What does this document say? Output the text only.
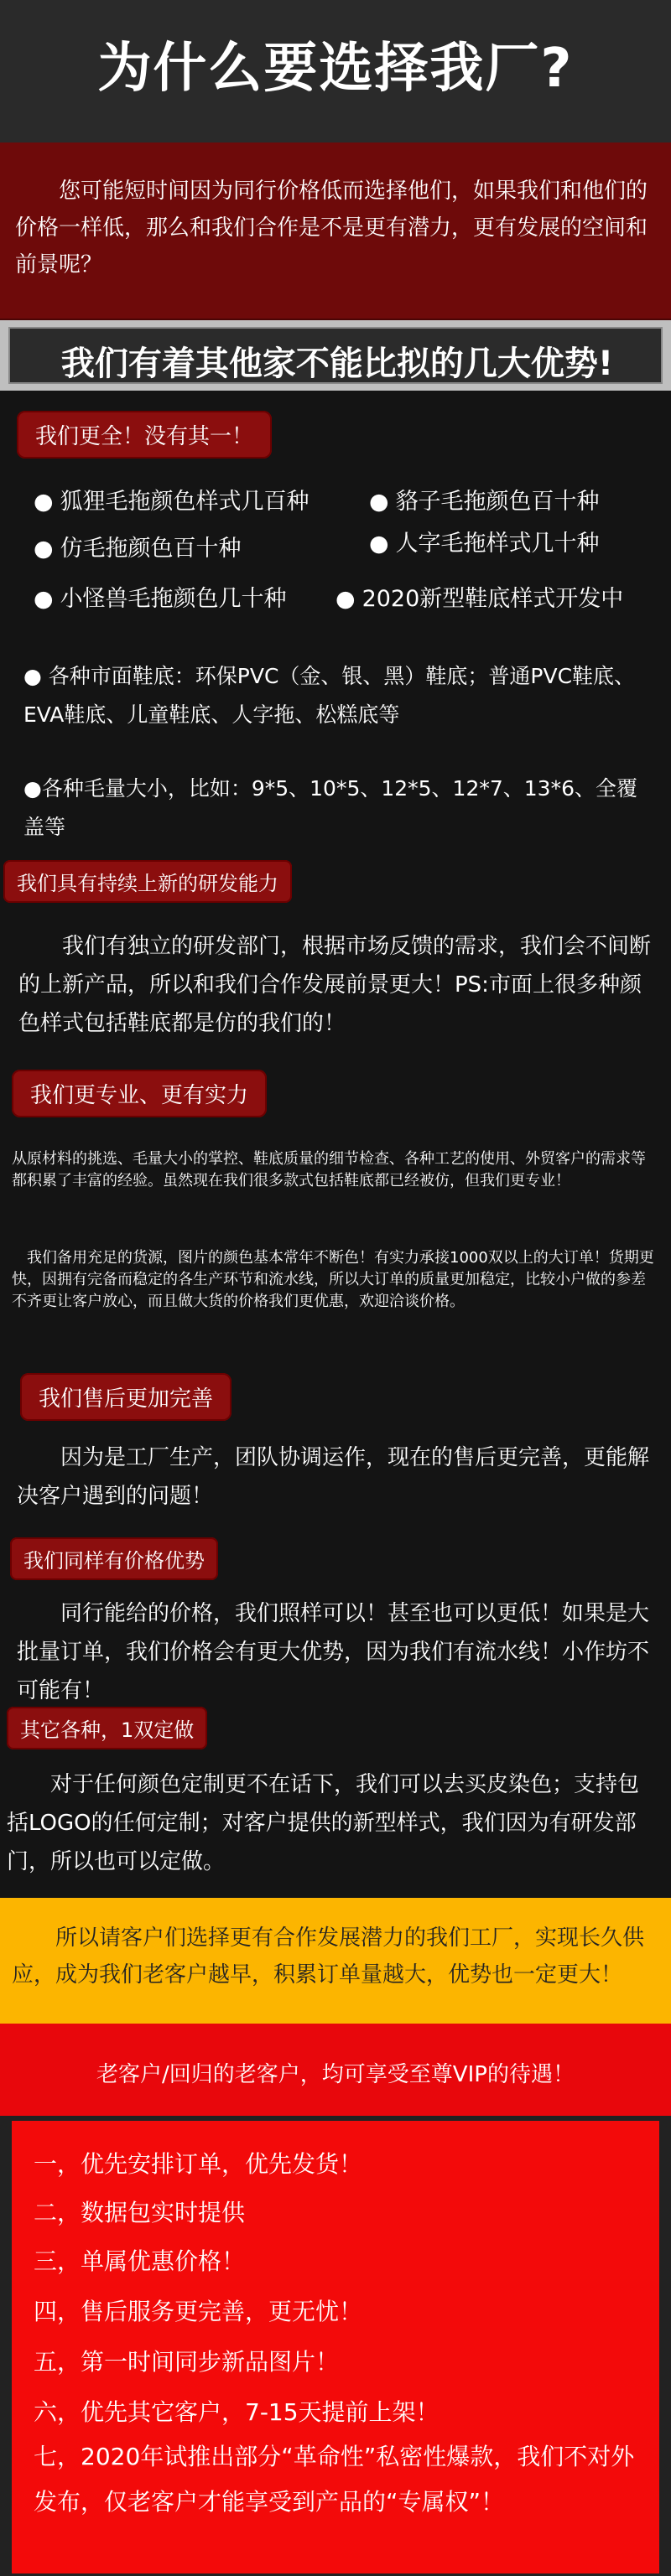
为什么要选择我厂?

　　您可能短时间因为同行价格低而选择他们，如果我们和他们的价格一样低，那么和我们合作是不是更有潜力，更有发展的空间和前景呢？

我们有着其他家不能比拟的几大优势!
我们更全！没有其一！
● 狐狸毛拖颜色样式几百种	● 貉子毛拖颜色百十种
● 仿毛拖颜色百十种	● 人字毛拖样式几十种
● 小怪兽毛拖颜色几十种	● 2020新型鞋底样式开发中
● 各种市面鞋底：环保PVC（金、银、黑）鞋底；普通PVC鞋底、EVA鞋底、儿童鞋底、人字拖、松糕底等
●各种毛量大小，比如：9*5、10*5、12*5、12*7、13*6、全覆盖等
我们具有持续上新的研发能力
　　我们有独立的研发部门，根据市场反馈的需求，我们会不间断的上新产品，所以和我们合作发展前景更大！PS:市面上很多种颜色样式包括鞋底都是仿的我们的！
我们更专业、更有实力
从原材料的挑选、毛量大小的掌控、鞋底质量的细节检查、各种工艺的使用、外贸客户的需求等都积累了丰富的经验。虽然现在我们很多款式包括鞋底都已经被仿，但我们更专业！
　我们备用充足的货源，图片的颜色基本常年不断色！有实力承接1000双以上的大订单！货期更快，因拥有完备而稳定的各生产环节和流水线，所以大订单的质量更加稳定，比较小户做的参差不齐更让客户放心，而且做大货的价格我们更优惠，欢迎洽谈价格。
我们售后更加完善
　　因为是工厂生产，团队协调运作，现在的售后更完善，更能解决客户遇到的问题！
我们同样有价格优势
　　同行能给的价格，我们照样可以！甚至也可以更低！如果是大批量订单，我们价格会有更大优势，因为我们有流水线！小作坊不可能有！
其它各种，1双定做
　　对于任何颜色定制更不在话下，我们可以去买皮染色；支持包括LOGO的任何定制；对客户提供的新型样式，我们因为有研发部门，所以也可以定做。

　　所以请客户们选择更有合作发展潜力的我们工厂，实现长久供应，成为我们老客户越早，积累订单量越大，优势也一定更大！

老客户/回归的老客户，均可享受至尊VIP的待遇！
一，优先安排订单，优先发货！
二，数据包实时提供
三，单属优惠价格！
四，售后服务更完善，更无忧！
五，第一时间同步新品图片！
六，优先其它客户，7-15天提前上架！
七，2020年试推出部分“革命性”私密性爆款，我们不对外发布，仅老客户才能享受到产品的“专属权”！
